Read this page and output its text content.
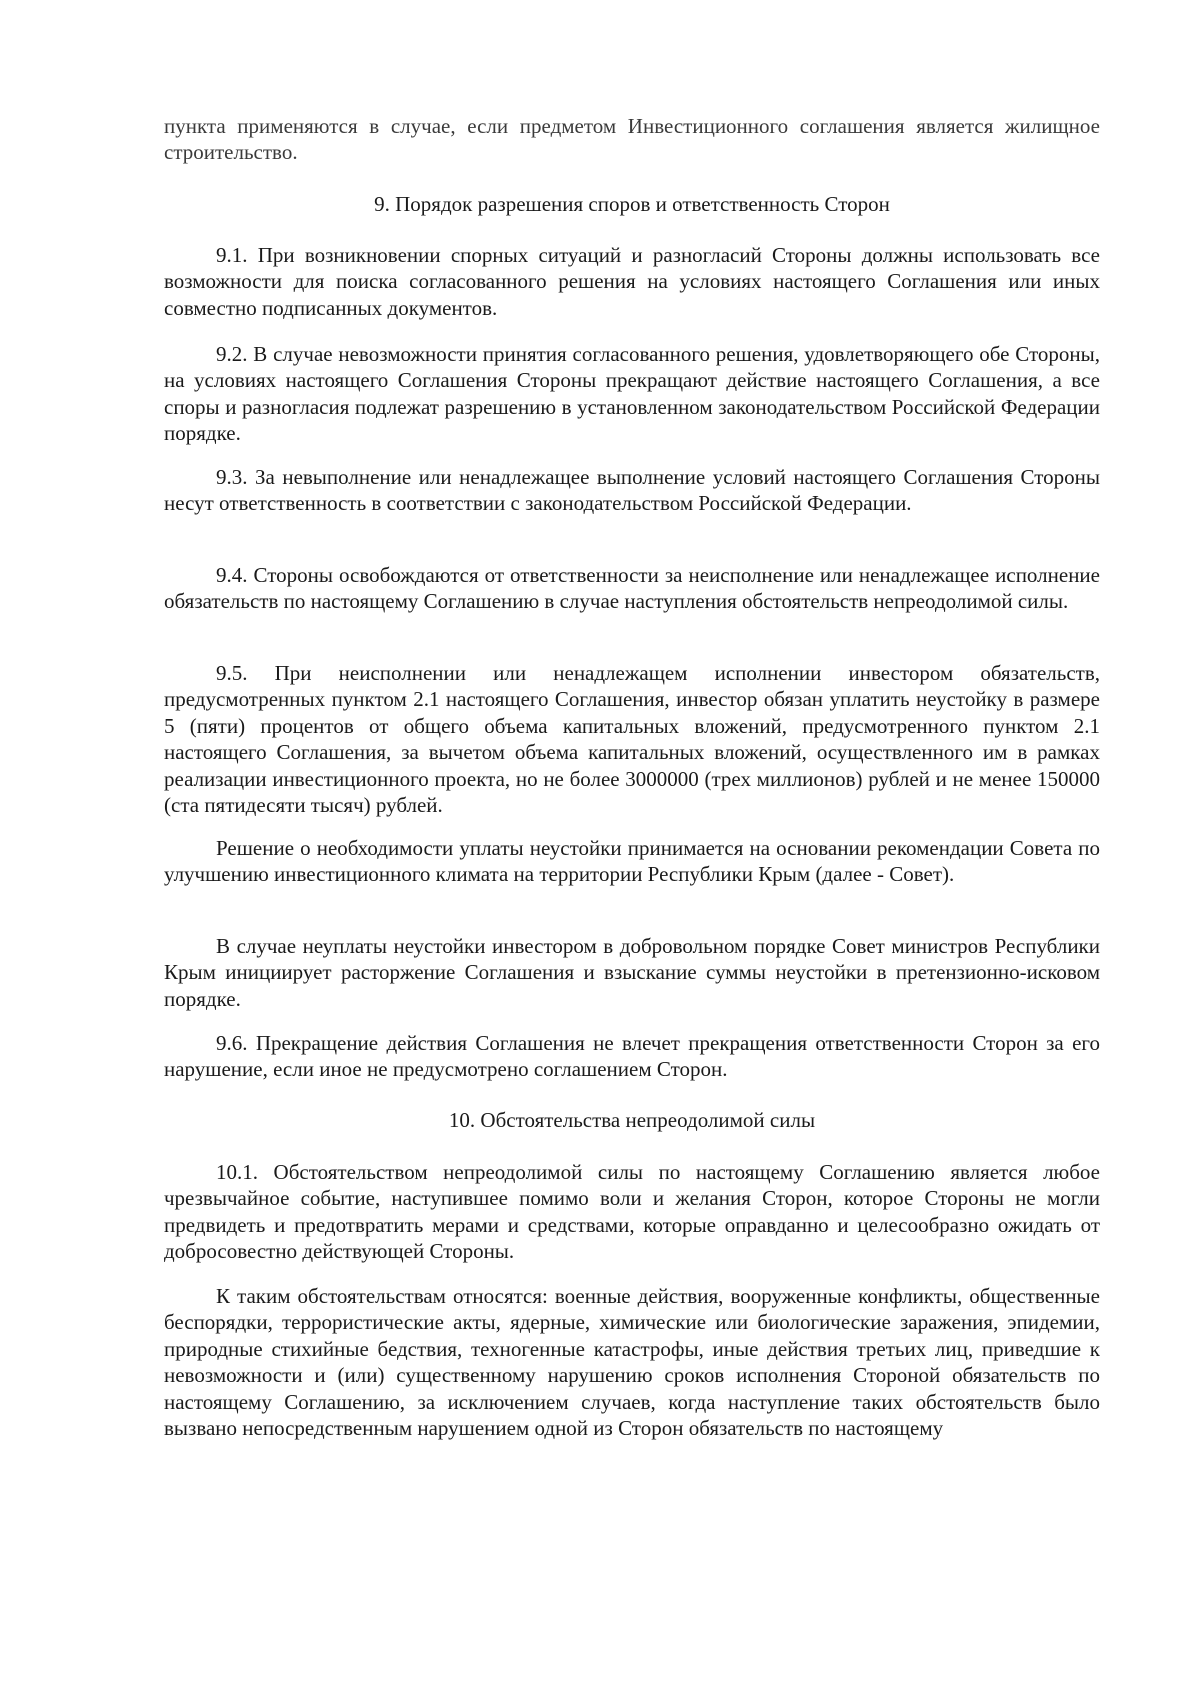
пункта применяются в случае, если предметом Инвестиционного соглашения является жилищное строительство.

9. Порядок разрешения споров и ответственность Сторон

9.1. При возникновении спорных ситуаций и разногласий Стороны должны использовать все возможности для поиска согласованного решения на условиях настоящего Соглашения или иных совместно подписанных документов.

9.2. В случае невозможности принятия согласованного решения, удовлетворяющего обе Стороны, на условиях настоящего Соглашения Стороны прекращают действие настоящего Соглашения, а все споры и разногласия подлежат разрешению в установленном законодательством Российской Федерации порядке.

9.3. За невыполнение или ненадлежащее выполнение условий настоящего Соглашения Стороны несут ответственность в соответствии с законодательством Российской Федерации.

9.4. Стороны освобождаются от ответственности за неисполнение или ненадлежащее исполнение обязательств по настоящему Соглашению в случае наступления обстоятельств непреодолимой силы.

9.5. При неисполнении или ненадлежащем исполнении инвестором обязательств, предусмотренных пунктом 2.1 настоящего Соглашения, инвестор обязан уплатить неустойку в размере 5 (пяти) процентов от общего объема капитальных вложений, предусмотренного пунктом 2.1 настоящего Соглашения, за вычетом объема капитальных вложений, осуществленного им в рамках реализации инвестиционного проекта, но не более 3000000 (трех миллионов) рублей и не менее 150000 (ста пятидесяти тысяч) рублей.

Решение о необходимости уплаты неустойки принимается на основании рекомендации Совета по улучшению инвестиционного климата на территории Республики Крым (далее - Совет).

В случае неуплаты неустойки инвестором в добровольном порядке Совет министров Республики Крым инициирует расторжение Соглашения и взыскание суммы неустойки в претензионно-исковом порядке.

9.6. Прекращение действия Соглашения не влечет прекращения ответственности Сторон за его нарушение, если иное не предусмотрено соглашением Сторон.

10. Обстоятельства непреодолимой силы

10.1. Обстоятельством непреодолимой силы по настоящему Соглашению является любое чрезвычайное событие, наступившее помимо воли и желания Сторон, которое Стороны не могли предвидеть и предотвратить мерами и средствами, которые оправданно и целесообразно ожидать от добросовестно действующей Стороны.

К таким обстоятельствам относятся: военные действия, вооруженные конфликты, общественные беспорядки, террористические акты, ядерные, химические или биологические заражения, эпидемии, природные стихийные бедствия, техногенные катастрофы, иные действия третьих лиц, приведшие к невозможности и (или) существенному нарушению сроков исполнения Стороной обязательств по настоящему Соглашению, за исключением случаев, когда наступление таких обстоятельств было вызвано непосредственным нарушением одной из Сторон обязательств по настоящему
